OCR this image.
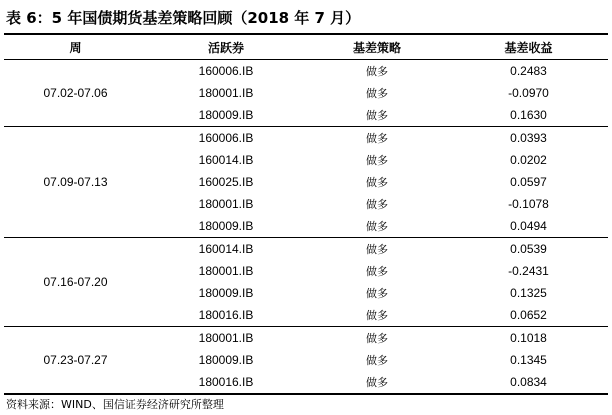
表 6：5 年国债期货基差策略回顾（2018 年 7 月）
周	活跃券	基差策略	基差收益
07.02-07.06	160006.IB	做多	0.2483
	180001.IB	做多	-0.0970
	180009.IB	做多	0.1630
07.09-07.13	160006.IB	做多	0.0393
	160014.IB	做多	0.0202
	160025.IB	做多	0.0597
	180001.IB	做多	-0.1078
	180009.IB	做多	0.0494
07.16-07.20	160014.IB	做多	0.0539
	180001.IB	做多	-0.2431
	180009.IB	做多	0.1325
	180016.IB	做多	0.0652
07.23-07.27	180001.IB	做多	0.1018
	180009.IB	做多	0.1345
	180016.IB	做多	0.0834
资料来源：WIND、国信证券经济研究所整理
